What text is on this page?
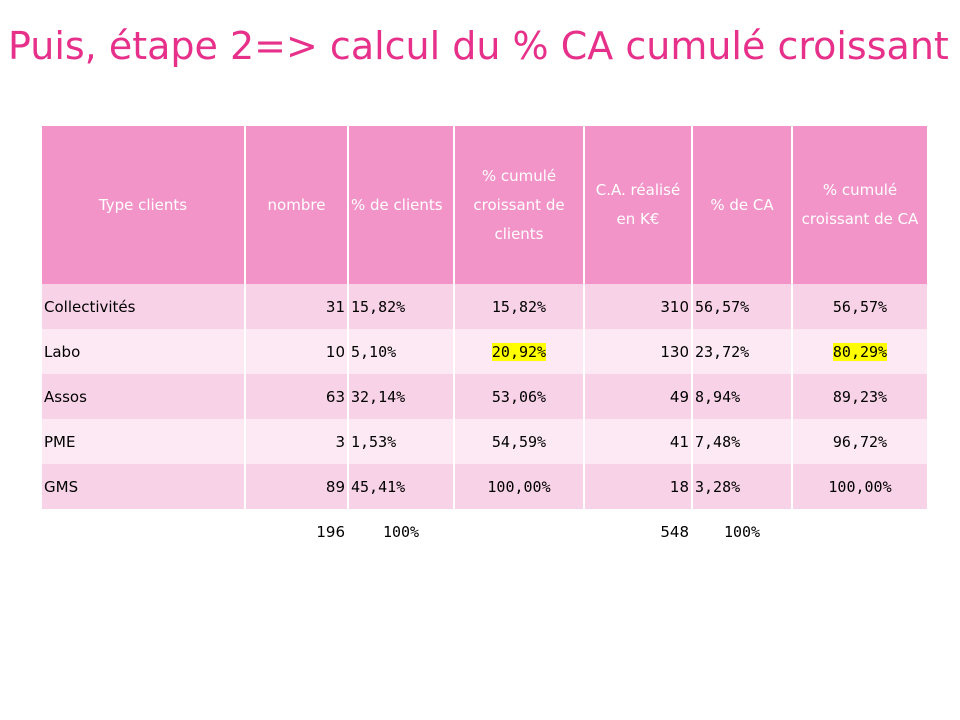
Puis, étape 2=> calcul du % CA cumulé croissant
Type clients	nombre	% de clients	% cumulé croissant de clients	C.A. réalisé en K€	% de CA	% cumulé croissant de CA
Collectivités	31	15,82%	15,82%	310	56,57%	56,57%
Labo	10	5,10%	20,92%	130	23,72%	80,29%
Assos	63	32,14%	53,06%	49	8,94%	89,23%
PME	3	1,53%	54,59%	41	7,48%	96,72%
GMS	89	45,41%	100,00%	18	3,28%	100,00%
	196	100%		548	100%	
